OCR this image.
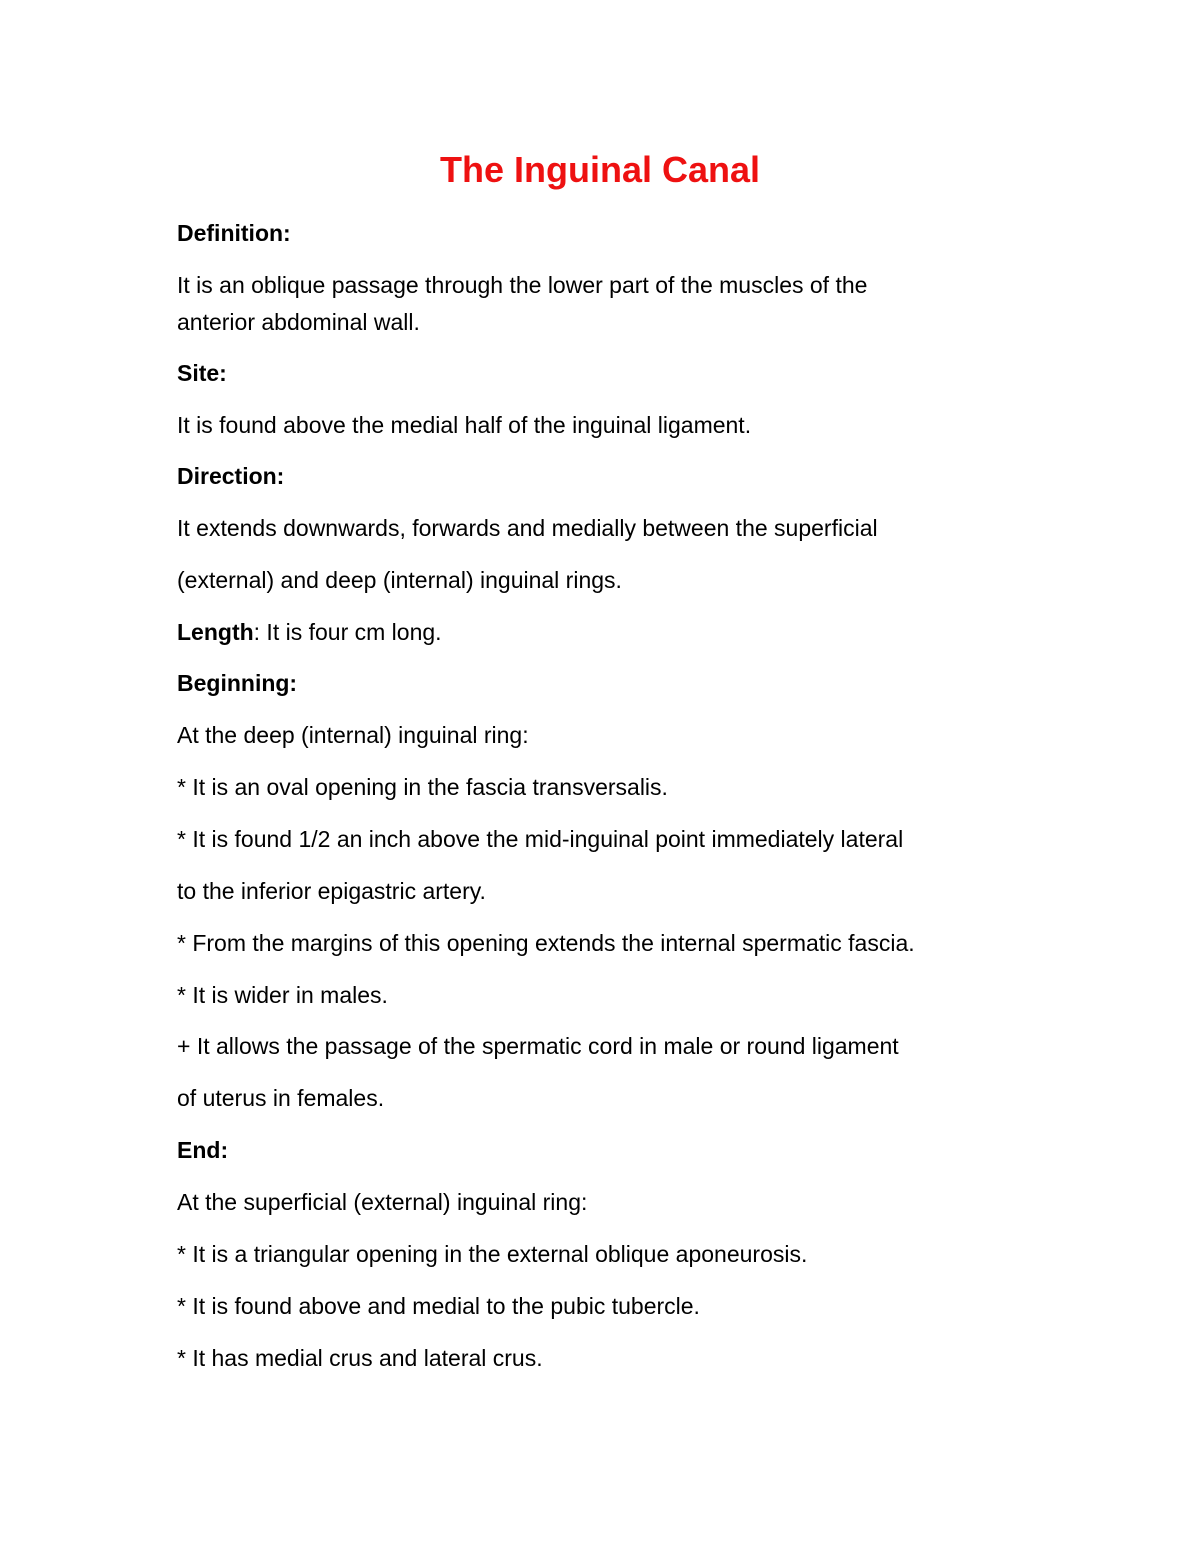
The Inguinal Canal

Definition:

It is an oblique passage through the lower part of the muscles of the

anterior abdominal wall.

Site:

It is found above the medial half of the inguinal ligament.

Direction:

It extends downwards, forwards and medially between the superficial

(external) and deep (internal) inguinal rings.

Length: It is four cm long.

Beginning:

At the deep (internal) inguinal ring:

* It is an oval opening in the fascia transversalis.

* It is found 1/2 an inch above the mid-inguinal point immediately lateral

to the inferior epigastric artery.

* From the margins of this opening extends the internal spermatic fascia.

* It is wider in males.

+ It allows the passage of the spermatic cord in male or round ligament

of uterus in females.

End:

At the superficial (external) inguinal ring:

* It is a triangular opening in the external oblique aponeurosis.

* It is found above and medial to the pubic tubercle.

* It has medial crus and lateral crus.
